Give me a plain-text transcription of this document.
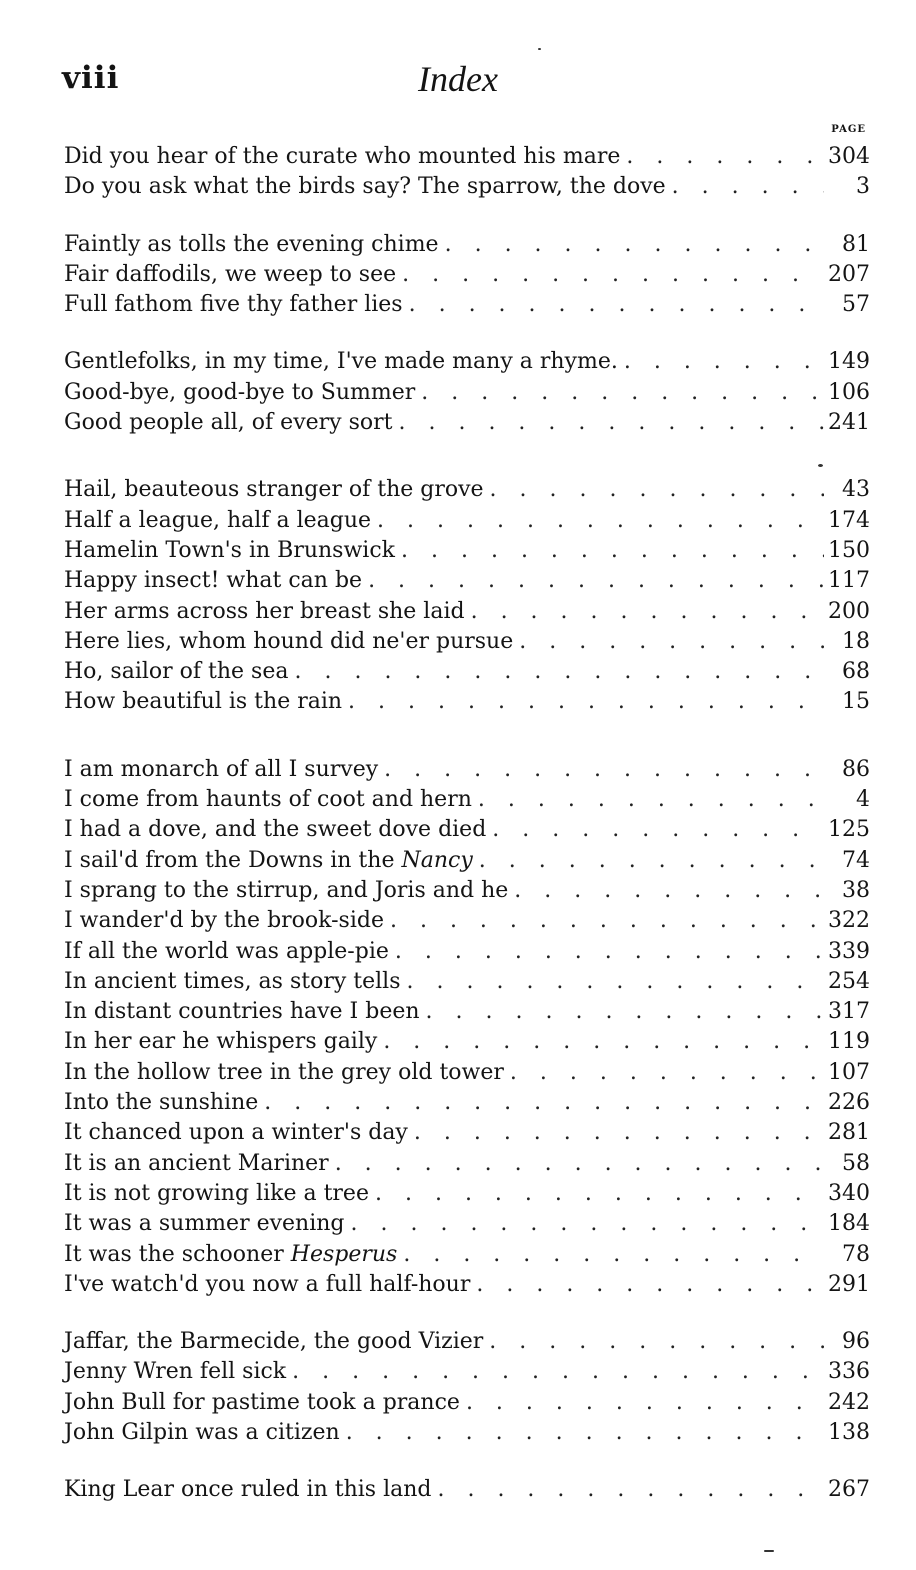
viii	Index
PAGE
Did you hear of the curate who mounted his mare . . .	304
Do you ask what the birds say? The sparrow, the dove . . .	3
Faintly as tolls the evening chime . . .	81
Fair daffodils, we weep to see . . .	207
Full fathom five thy father lies . . .	57
Gentlefolks, in my time, I've made many a rhyme. . . .	149
Good-bye, good-bye to Summer . . .	106
Good people all, of every sort . . .	241
Hail, beauteous stranger of the grove . . .	43
Half a league, half a league . . .	174
Hamelin Town's in Brunswick . . .	150
Happy insect! what can be . . .	117
Her arms across her breast she laid . . .	200
Here lies, whom hound did ne'er pursue . . .	18
Ho, sailor of the sea . . .	68
How beautiful is the rain . . .	15
I am monarch of all I survey . . .	86
I come from haunts of coot and hern . . .	4
I had a dove, and the sweet dove died . . .	125
I sail'd from the Downs in the Nancy . . .	74
I sprang to the stirrup, and Joris and he . . .	38
I wander'd by the brook-side . . .	322
If all the world was apple-pie . . .	339
In ancient times, as story tells . . .	254
In distant countries have I been . . .	317
In her ear he whispers gaily . . .	119
In the hollow tree in the grey old tower . . .	107
Into the sunshine . . .	226
It chanced upon a winter's day . . .	281
It is an ancient Mariner . . .	58
It is not growing like a tree . . .	340
It was a summer evening . . .	184
It was the schooner Hesperus . . .	78
I've watch'd you now a full half-hour . . .	291
Jaffar, the Barmecide, the good Vizier . . .	96
Jenny Wren fell sick . . .	336
John Bull for pastime took a prance . . .	242
John Gilpin was a citizen . . .	138
King Lear once ruled in this land . . .	267
